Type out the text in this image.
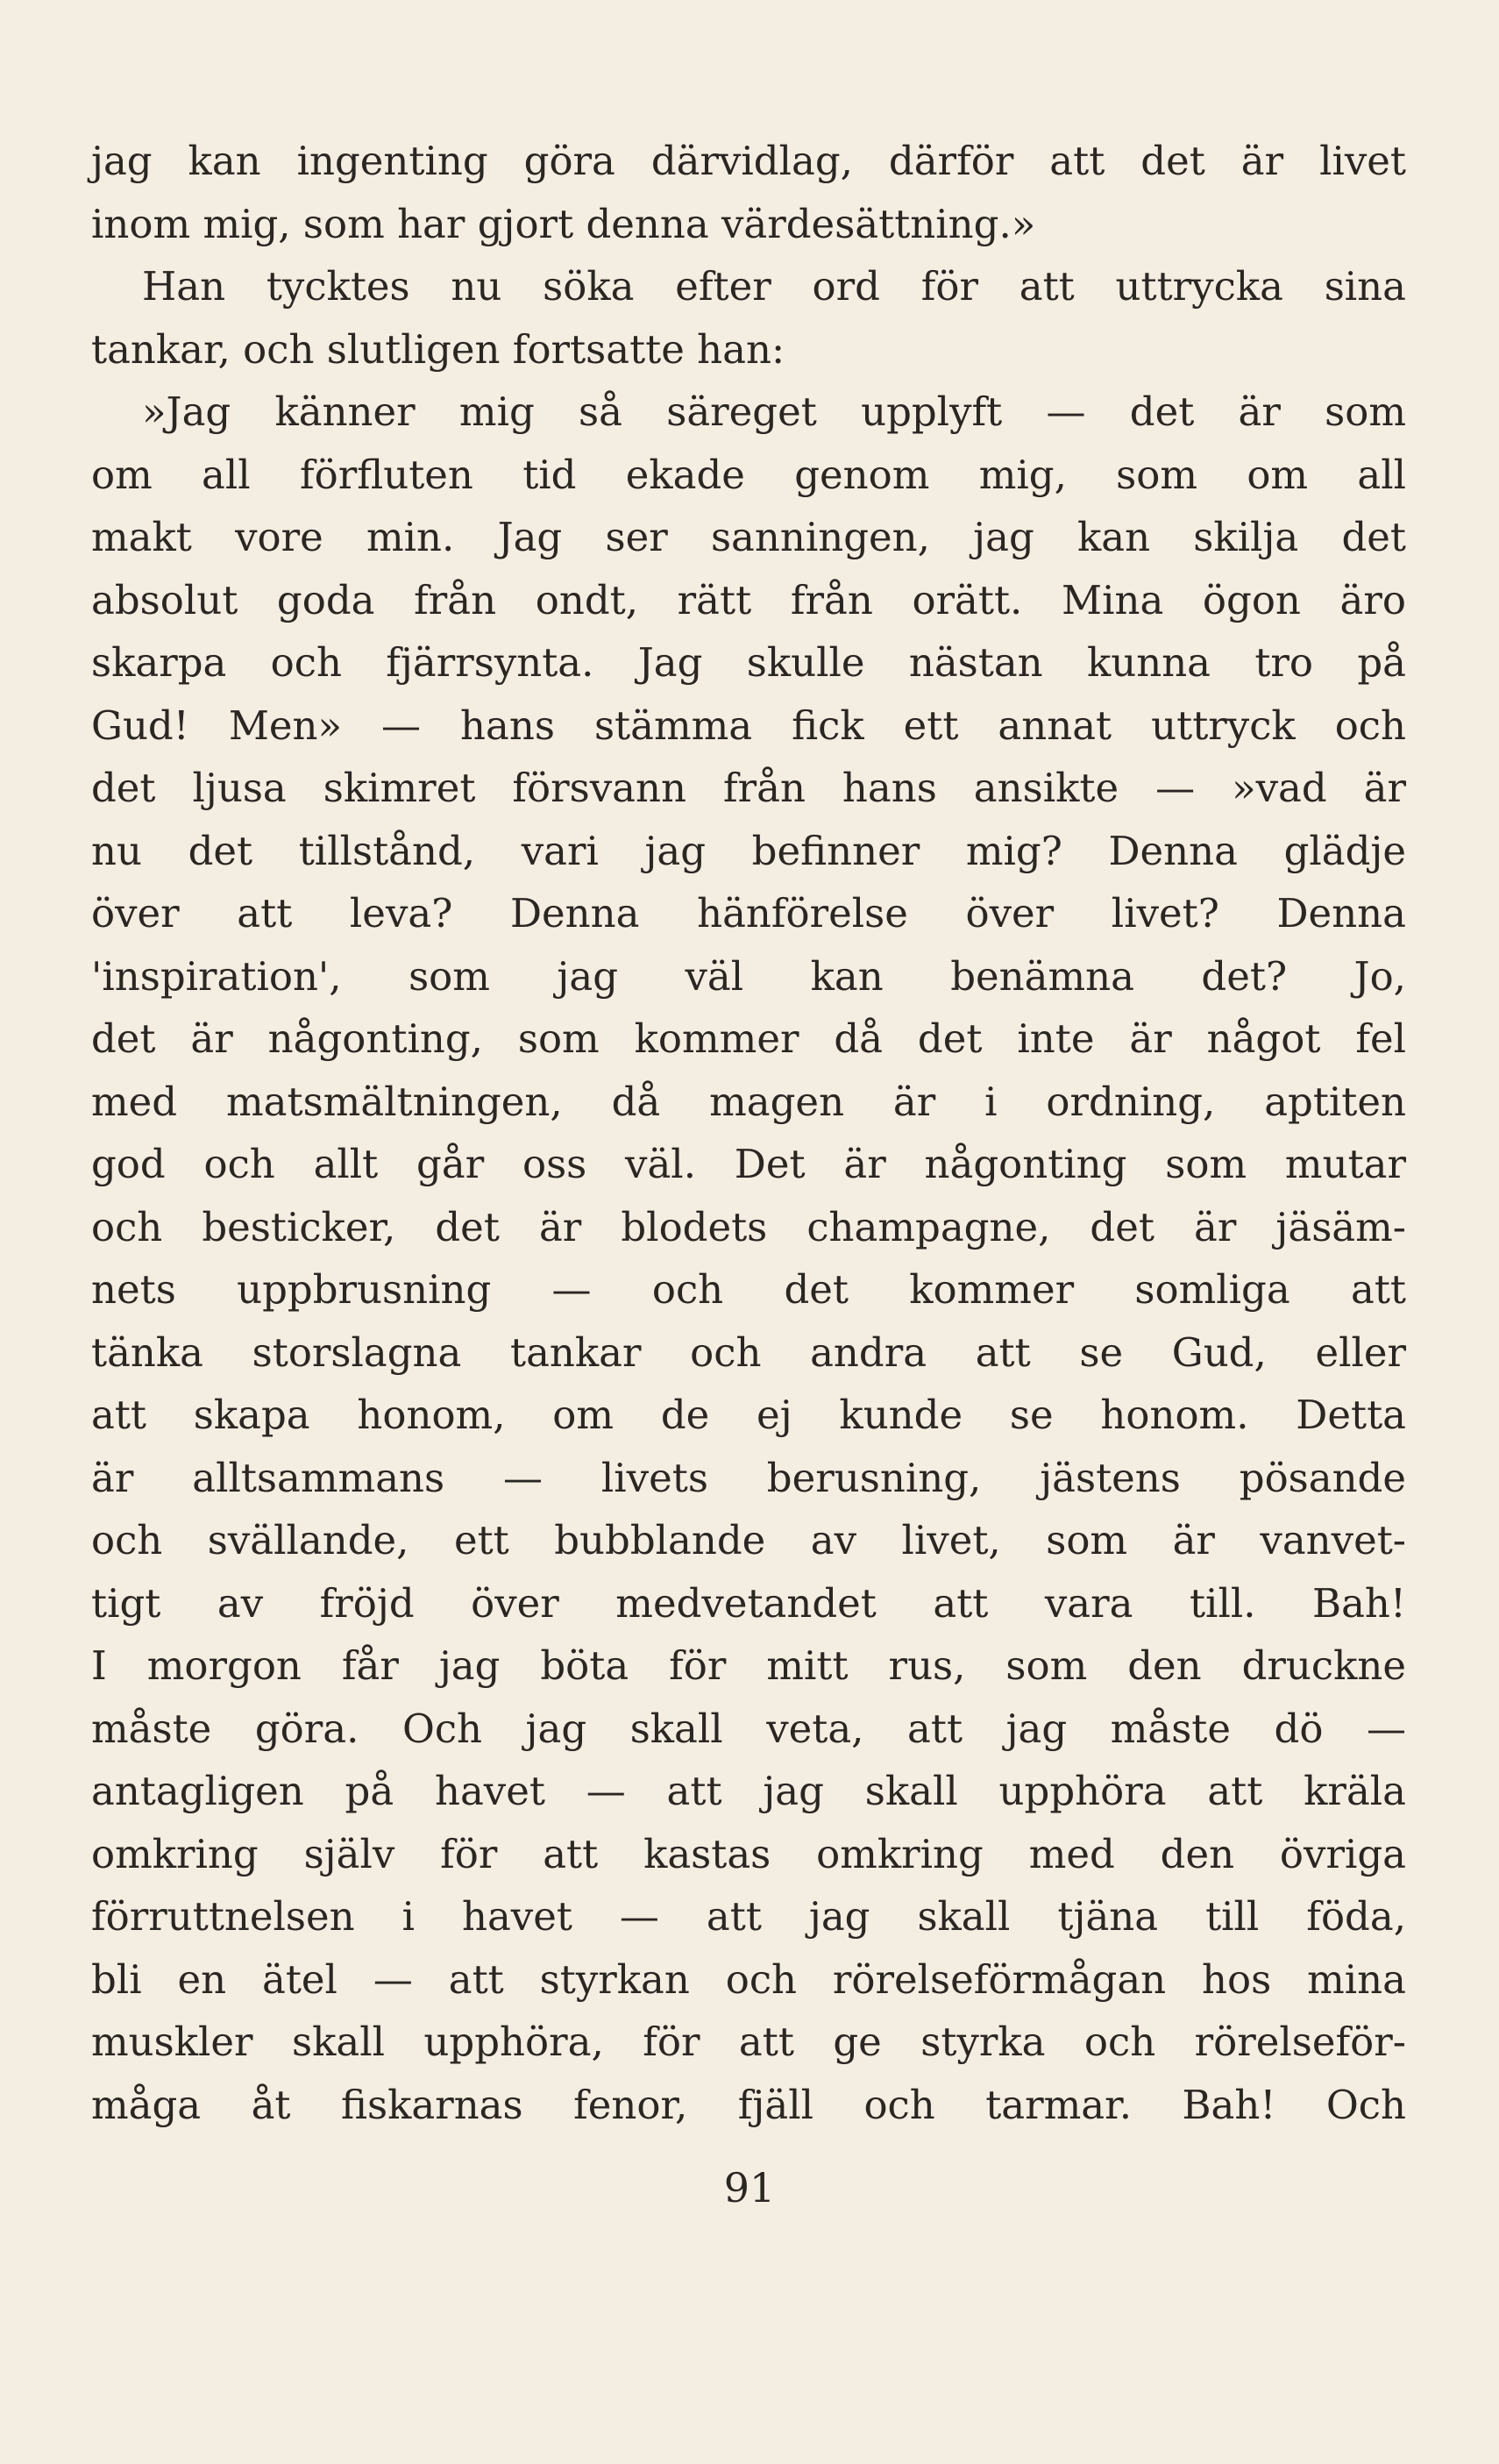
jag kan ingenting göra därvidlag, därför att det är livet
inom mig, som har gjort denna värdesättning.»
Han tycktes nu söka efter ord för att uttrycka sina
tankar, och slutligen fortsatte han:
»Jag känner mig så säreget upplyft — det är som
om all förfluten tid ekade genom mig, som om all
makt vore min. Jag ser sanningen, jag kan skilja det
absolut goda från ondt, rätt från orätt. Mina ögon äro
skarpa och fjärrsynta. Jag skulle nästan kunna tro på
Gud! Men» — hans stämma fick ett annat uttryck och
det ljusa skimret försvann från hans ansikte — »vad är
nu det tillstånd, vari jag befinner mig? Denna glädje
över att leva? Denna hänförelse över livet? Denna
'inspiration', som jag väl kan benämna det? Jo,
det är någonting, som kommer då det inte är något fel
med matsmältningen, då magen är i ordning, aptiten
god och allt går oss väl. Det är någonting som mutar
och besticker, det är blodets champagne, det är jäsäm-
nets uppbrusning — och det kommer somliga att
tänka storslagna tankar och andra att se Gud, eller
att skapa honom, om de ej kunde se honom. Detta
är alltsammans — livets berusning, jästens pösande
och svällande, ett bubblande av livet, som är vanvet-
tigt av fröjd över medvetandet att vara till. Bah!
I morgon får jag böta för mitt rus, som den druckne
måste göra. Och jag skall veta, att jag måste dö —
antagligen på havet — att jag skall upphöra att kräla
omkring själv för att kastas omkring med den övriga
förruttnelsen i havet — att jag skall tjäna till föda,
bli en ätel — att styrkan och rörelseförmågan hos mina
muskler skall upphöra, för att ge styrka och rörelseför-
måga åt fiskarnas fenor, fjäll och tarmar. Bah! Och
91
